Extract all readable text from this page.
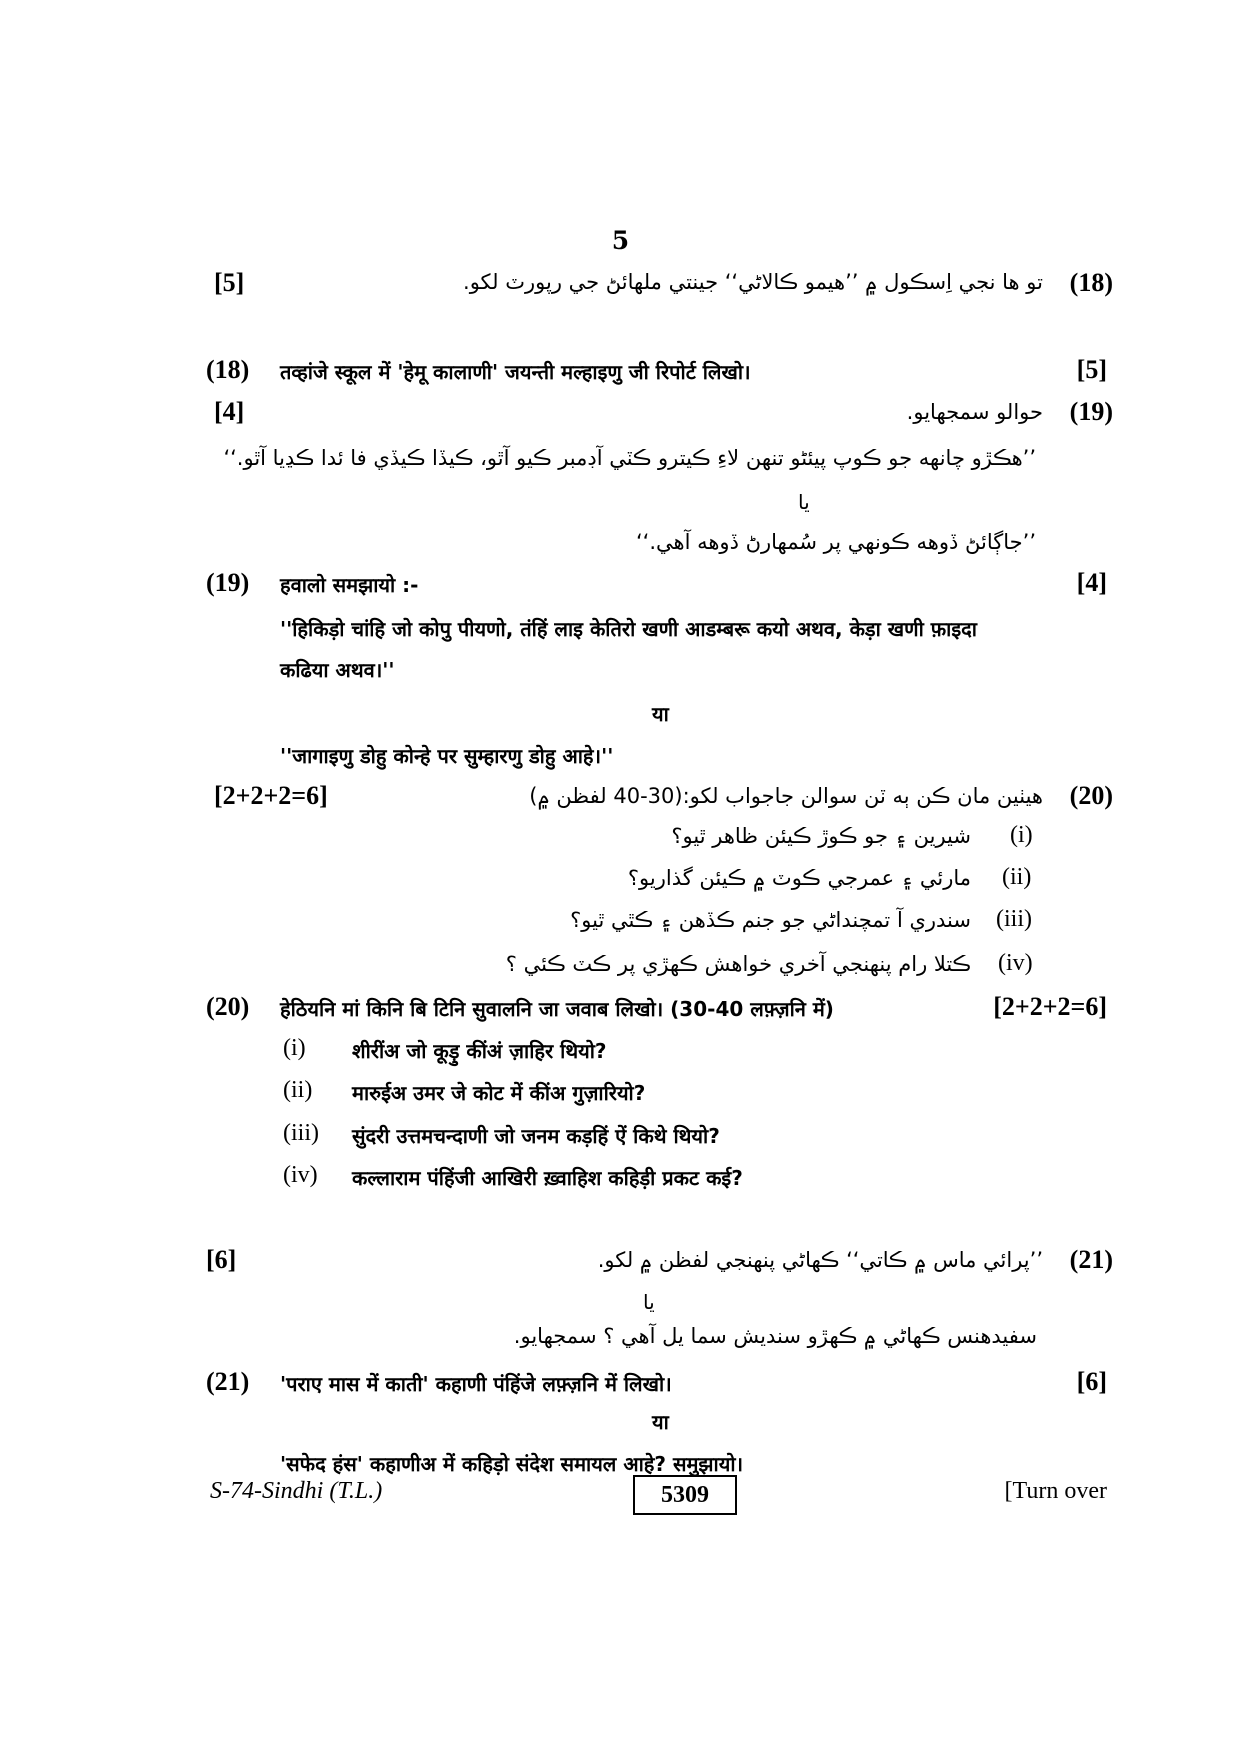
5
(18)
تو ھا نجي اِسڪول ۾ ’’هيمو ڪالاڻي‘‘ جينتي ملهائڻ جي رپورٽ لکو.
[5]
(18) तव्हांजे स्कूल में 'हेमू कालाणी' जयन्ती मल्हाइणु जी रिपोर्ट लिखो।	[5]
(19)
حوالو سمجهايو.
[4]
’’هڪڙو چانهه جو ڪوپ پيئڻو تنهن لاءِ ڪيترو ڪٽي آڊمبر ڪيو آٿو، ڪيڏا ڪيڏي فا ئدا ڪڍيا آٿو.‘‘
يا
’’جاڳائڻ ڏوهه ڪونهي پر سُمهارڻ ڏوهه آهي.‘‘
(19) हवालो समझायो :-	[4]
''हिकिड़ो चांहि जो कोपु पीयणो, तंहिं लाइ केतिरो खणी आडम्बरू कयो अथव, केड़ा खणी फ़ाइदा
कढिया अथव।''
या
''जागाइणु डोहु कोन्हे पर सुम्हारणु डोहु आहे।''
(20)
هيٺين مان ڪن ٻه ٽن سوالن جاجواب لکو:(30-40 لفظن ۾)
[2+2+2=6]
(i)
شيرين ۽ جو ڪوڙ ڪيئن ظاهر ٿيو؟
(ii)
مارئي ۽ عمرجي ڪوٽ ۾ ڪيئن گذاريو؟
(iii)
سندري آ تمچنداڻي جو جنم ڪڏهن ۽ ڪٿي ٿيو؟
(iv)
ڪتلا رام پنهنجي آخري خواهش ڪهڙي پر ڪٽ ڪئي ؟
(20) हेठियनि मां किनि बि टिनि सुवालनि जा जवाब लिखो। (30-40 लफ़्ज़नि में)	[2+2+2=6]
(i) शीरींअ जो कूड़ु कींअं ज़ाहिर थियो?
(ii) मारुईअ उमर जे कोट में कींअ गुज़ारियो?
(iii) सुंदरी उत्तमचन्दाणी जो जनम कड़हिं ऐं किथे थियो?
(iv) कल्लाराम पंहिंजी आखिरी ख़्वाहिश कहिड़ी प्रकट कई?
(21)
’’پرائي ماس ۾ ڪاتي‘‘ ڪهاڻي پنهنجي لفظن ۾ لکو.
[6]
يا
سفيدهنس ڪهاڻي ۾ ڪهڙو سنديش سما يل آهي ؟ سمجهايو.
(21) 'पराए मास में काती' कहाणी पंहिंजे लफ़्ज़नि में लिखो।	[6]
या
'सफेद हंस' कहाणीअ में कहिड़ो संदेश समायल आहे? समुझायो।
S-74-Sindhi (T.L.)	5309	[Turn over
